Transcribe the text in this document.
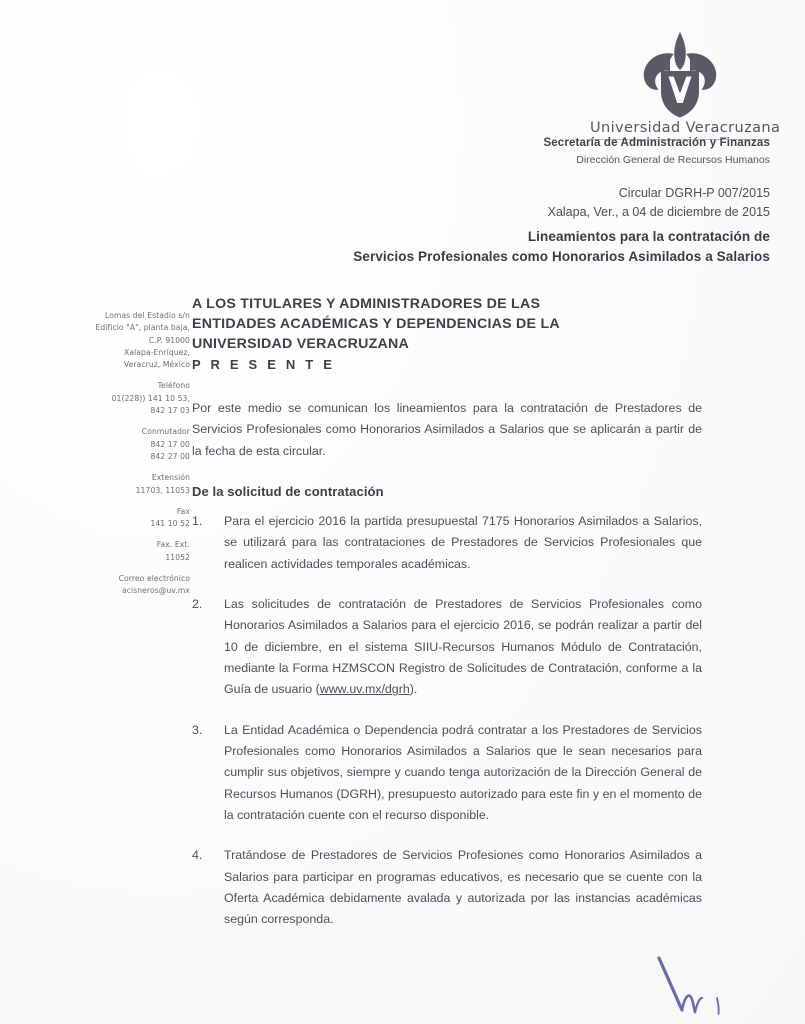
Universidad Veracruzana
Secretaría de Administración y Finanzas
Dirección General de Recursos Humanos
Circular DGRH-P 007/2015
Xalapa, Ver., a 04 de diciembre de 2015
Lineamientos para la contratación de
Servicios Profesionales como Honorarios Asimilados a Salarios
Lomas del Estadio s/n
Edificio "A", planta baja,
C.P. 91000
Xalapa-Enríquez,
Veracruz, México
Teléfono
01(228)) 141 10 53,
842 17 03
Conmutador
842 17 00
842 27 00
Extensión
11703, 11053
Fax
141 10 52
Fax. Ext.
11052
Correo electrónico
acisneros@uv.mx
A LOS TITULARES Y ADMINISTRADORES DE LAS
ENTIDADES ACADÉMICAS Y DEPENDENCIAS DE LA
UNIVERSIDAD VERACRUZANA
P R E S E N T E

Por este medio se comunican los lineamientos para la contratación de Prestadores de Servicios Profesionales como Honorarios Asimilados a Salarios que se aplicarán a partir de la fecha de esta circular.

De la solicitud de contratación
1.	Para el ejercicio 2016 la partida presupuestal 7175 Honorarios Asimilados a Salarios, se utilizará para las contrataciones de Prestadores de Servicios Profesionales que realicen actividades temporales académicas.
2.	Las solicitudes de contratación de Prestadores de Servicios Profesionales como Honorarios Asimilados a Salarios para el ejercicio 2016, se podrán realizar a partir del 10 de diciembre, en el sistema SIIU-Recursos Humanos Módulo de Contratación, mediante la Forma HZMSCON Registro de Solicitudes de Contratación, conforme a la Guía de usuario (www.uv.mx/dgrh).
3.	La Entidad Académica o Dependencia podrá contratar a los Prestadores de Servicios Profesionales como Honorarios Asimilados a Salarios que le sean necesarios para cumplir sus objetivos, siempre y cuando tenga autorización de la Dirección General de Recursos Humanos (DGRH), presupuesto autorizado para este fin y en el momento de la contratación cuente con el recurso disponible.
4.	Tratándose de Prestadores de Servicios Profesiones como Honorarios Asimilados a Salarios para participar en programas educativos, es necesario que se cuente con la Oferta Académica debidamente avalada y autorizada por las instancias académicas según corresponda.
